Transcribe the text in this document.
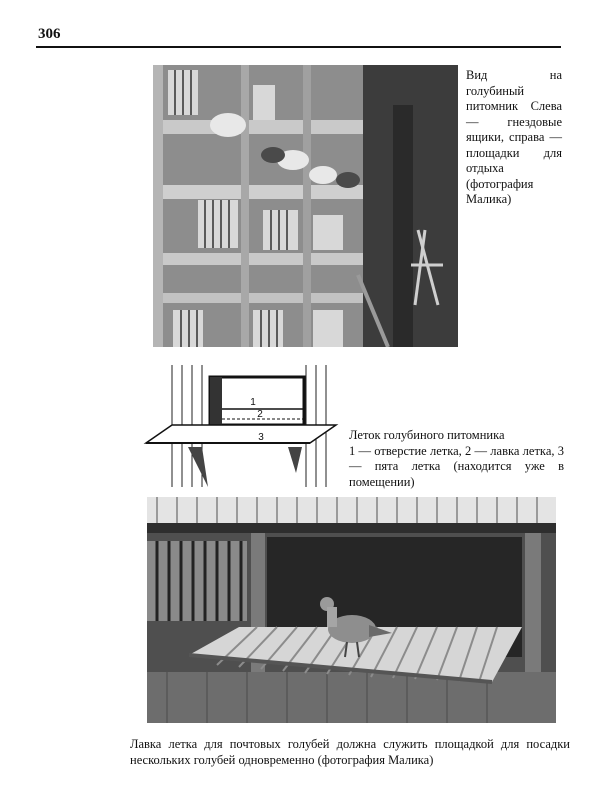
306
Вид на голубиный питомник Слева — гнездовые ящики, справа — площадки для отдыха (фотография Малика)
1
2
3	Леток голубиного питомника
1 — отверстие летка, 2 — лавка летка, 3 — пята летка (находится уже в помещении)
Лавка летка для почтовых голубей должна служить площадкой для посадки нескольких голубей одновременно (фотография Малика)
